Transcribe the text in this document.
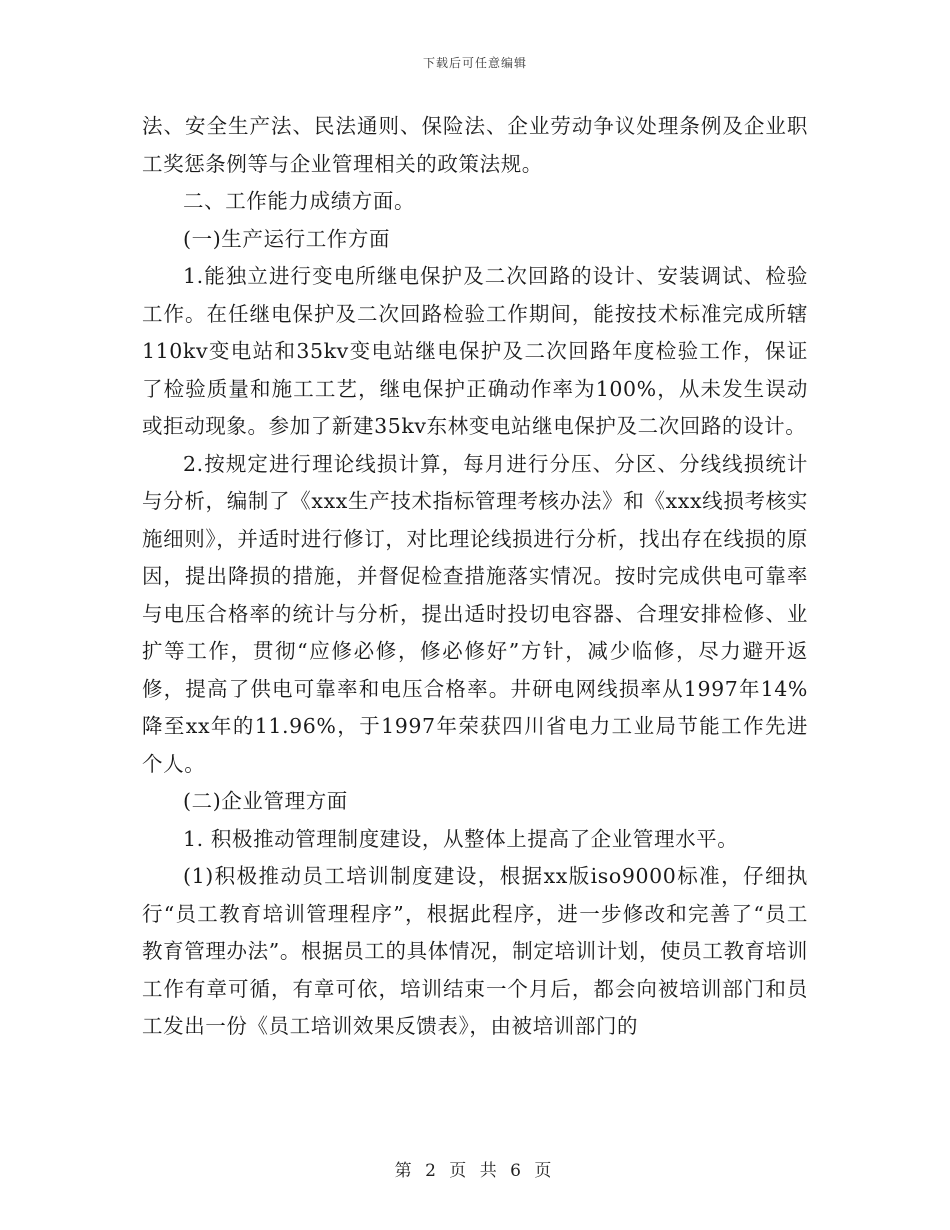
下载后可任意编辑

法、安全生产法、民法通则、保险法、企业劳动争议处理条例及企业职工奖惩条例等与企业管理相关的政策法规。

二、工作能力成绩方面。

(一)生产运行工作方面

1.能独立进行变电所继电保护及二次回路的设计、安装调试、检验工作。在任继电保护及二次回路检验工作期间，能按技术标准完成所辖110kv变电站和35kv变电站继电保护及二次回路年度检验工作，保证了检验质量和施工工艺，继电保护正确动作率为100%，从未发生误动或拒动现象。参加了新建35kv东林变电站继电保护及二次回路的设计。

2.按规定进行理论线损计算，每月进行分压、分区、分线线损统计与分析，编制了《xxx生产技术指标管理考核办法》和《xxx线损考核实施细则》，并适时进行修订，对比理论线损进行分析，找出存在线损的原因，提出降损的措施，并督促检查措施落实情况。按时完成供电可靠率与电压合格率的统计与分析，提出适时投切电容器、合理安排检修、业扩等工作，贯彻“应修必修，修必修好”方针，减少临修，尽力避开返修，提高了供电可靠率和电压合格率。井研电网线损率从1997年14%降至xx年的11.96%，于1997年荣获四川省电力工业局节能工作先进个人。

(二)企业管理方面

1. 积极推动管理制度建设，从整体上提高了企业管理水平。

(1)积极推动员工培训制度建设，根据xx版iso9000标准，仔细执行“员工教育培训管理程序”，根据此程序，进一步修改和完善了“员工教育管理办法”。根据员工的具体情况，制定培训计划，使员工教育培训工作有章可循，有章可依，培训结束一个月后，都会向被培训部门和员工发出一份《员工培训效果反馈表》，由被培训部门的

第 2 页 共 6 页
